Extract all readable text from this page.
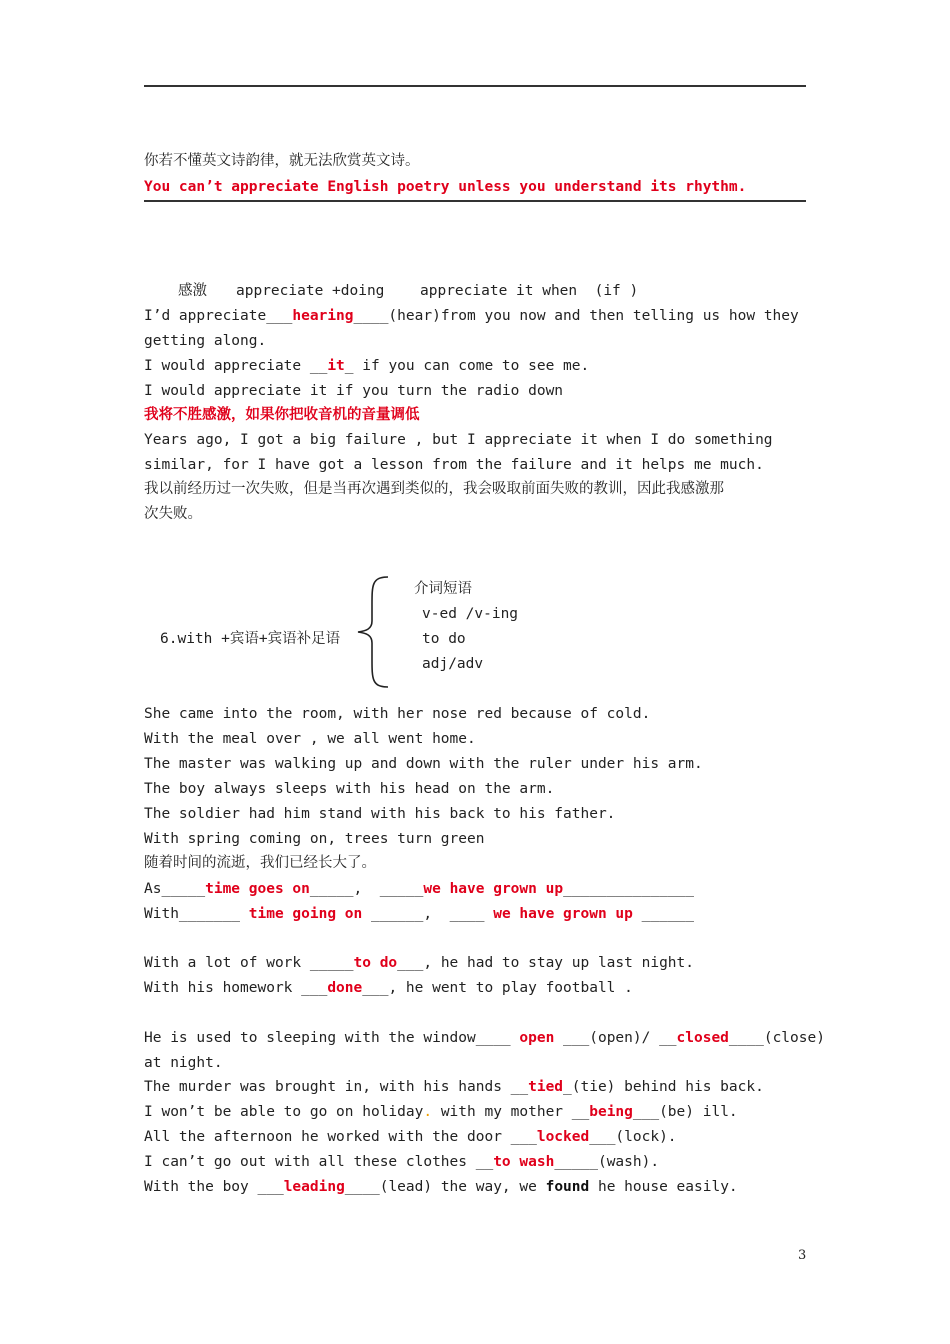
你若不懂英文诗韵律，就无法欣赏英文诗。
You can’t appreciate English poetry unless you understand its rhythm.
感激 appreciate +doing appreciate it when  (if )
I’d appreciate___hearing____(hear)from you now and then telling us how they
getting along.
I would appreciate __it_ if you can come to see me.
I would appreciate it if you turn the radio down
我将不胜感激，如果你把收音机的音量调低
Years ago, I got a big failure , but I appreciate it when I do something
similar, for I have got a lesson from the failure and it helps me much.
我以前经历过一次失败，但是当再次遇到类似的，我会吸取前面失败的教训，因此我感激那
次失败。
6.with +宾语+宾语补足语
介词短语
v-ed /v-ing
to do
adj/adv
She came into the room, with her nose red because of cold.
With the meal over , we all went home.
The master was walking up and down with the ruler under his arm.
The boy always sleeps with his head on the arm.
The soldier had him stand with his back to his father.
With spring coming on, trees turn green
随着时间的流逝，我们已经长大了。
As_____time goes on_____,  _____we have grown up_______________
With_______ time going on ______,  ____ we have grown up ______
With a lot of work _____to do___, he had to stay up last night.
With his homework ___done___, he went to play football .
He is used to sleeping with the window____ open ___(open)/ __closed____(close)
at night.
The murder was brought in, with his hands __tied_(tie) behind his back.
I won’t be able to go on holiday. with my mother __being___(be) ill.
All the afternoon he worked with the door ___locked___(lock).
I can’t go out with all these clothes __to wash_____(wash).
With the boy ___leading____(lead) the way, we found he house easily.
3
